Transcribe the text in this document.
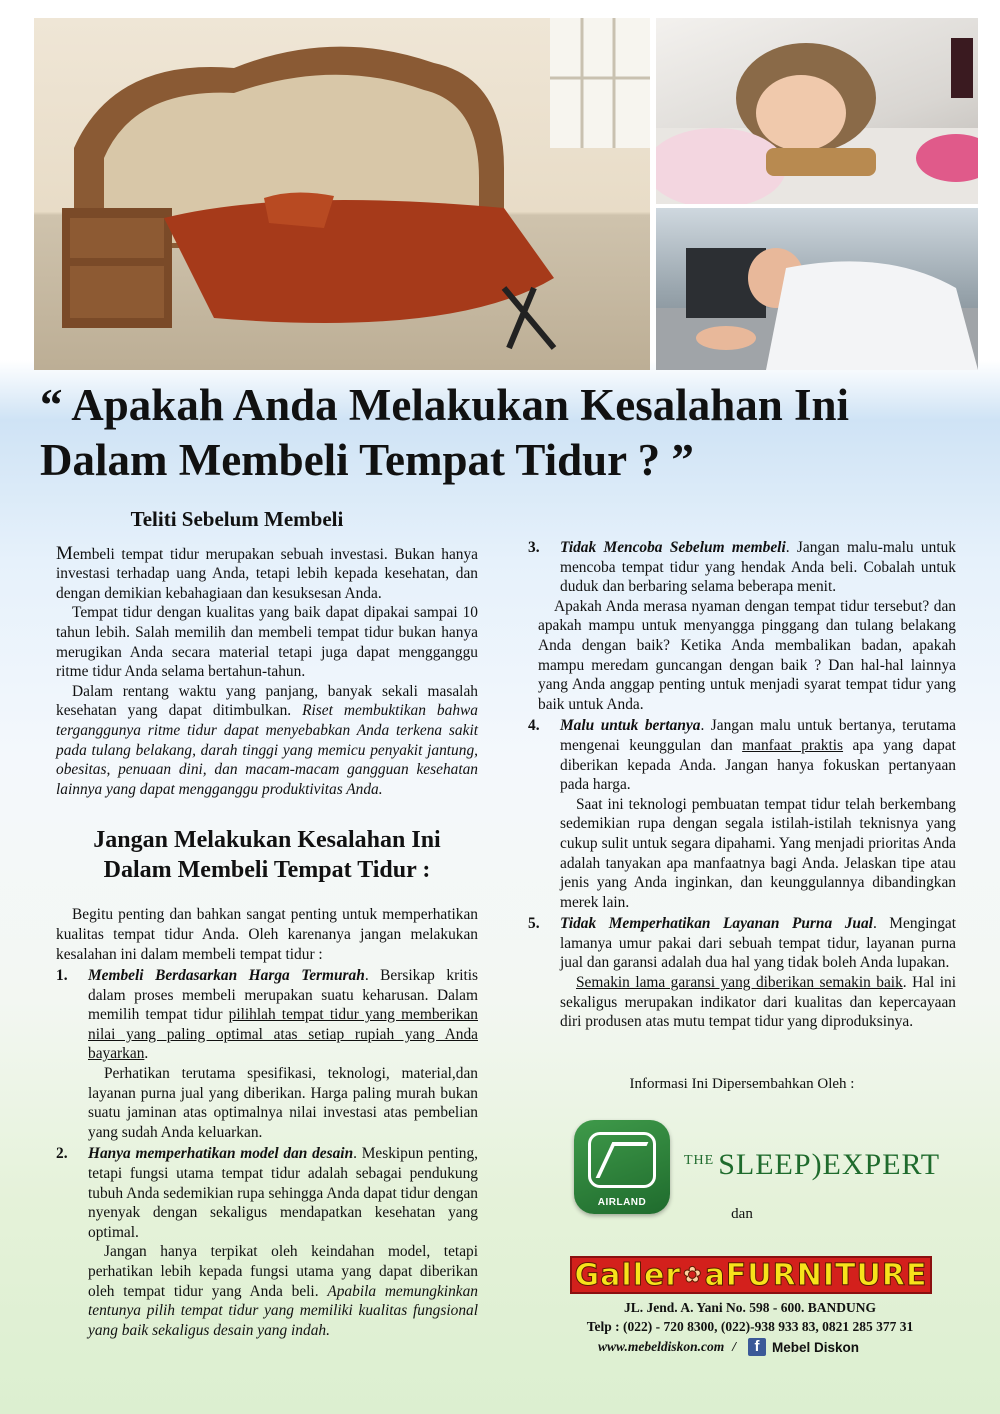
“ Apakah Anda Melakukan Kesalahan Ini
Dalam Membeli Tempat Tidur ? ”
Teliti Sebelum Membeli

Membeli tempat tidur merupakan sebuah investasi. Bukan hanya investasi terhadap uang Anda, tetapi lebih kepada kesehatan, dan dengan demikian kebahagiaan dan kesuksesan Anda.

Tempat tidur dengan kualitas yang baik dapat dipakai sampai 10 tahun lebih. Salah memilih dan membeli tempat tidur bukan hanya merugikan Anda secara material tetapi juga dapat mengganggu ritme tidur Anda selama bertahun-tahun.

Dalam rentang waktu yang panjang, banyak sekali masalah kesehatan yang dapat ditimbulkan. Riset membuktikan bahwa terganggunya ritme tidur dapat menyebabkan Anda terkena sakit pada tulang belakang, darah tinggi yang memicu penyakit jantung, obesitas, penuaan dini, dan macam-macam gangguan kesehatan lainnya yang dapat mengganggu produktivitas Anda.

Jangan Melakukan Kesalahan Ini
Dalam Membeli Tempat Tidur :

Begitu penting dan bahkan sangat penting untuk memperhatikan kualitas tempat tidur Anda. Oleh karenanya jangan melakukan kesalahan ini dalam membeli tempat tidur :

1.	Membeli Berdasarkan Harga Termurah. Bersikap kritis dalam proses membeli merupakan suatu keharusan. Dalam memilih tempat tidur pilihlah tempat tidur yang memberikan nilai yang paling optimal atas setiap rupiah yang Anda bayarkan.

Perhatikan terutama spesifikasi, teknologi, material,dan layanan purna jual yang diberikan. Harga paling murah bukan suatu jaminan atas optimalnya nilai investasi atas pembelian yang sudah Anda keluarkan.

2.	Hanya memperhatikan model dan desain. Meskipun penting, tetapi fungsi utama tempat tidur adalah sebagai pendukung tubuh Anda sedemikian rupa sehingga Anda dapat tidur dengan nyenyak dengan sekaligus mendapatkan kesehatan yang optimal.

Jangan hanya terpikat oleh keindahan model, tetapi perhatikan lebih kepada fungsi utama yang dapat diberikan oleh tempat tidur yang Anda beli. Apabila memungkinkan tentunya pilih tempat tidur yang memiliki kualitas fungsional yang baik sekaligus desain yang indah.

3.	Tidak Mencoba Sebelum membeli. Jangan malu-malu untuk mencoba tempat tidur yang hendak Anda beli. Cobalah untuk duduk dan berbaring selama beberapa menit.

Apakah Anda merasa nyaman dengan tempat tidur tersebut? dan apakah mampu untuk menyangga pinggang dan tulang belakang Anda dengan baik? Ketika Anda membalikan badan, apakah mampu meredam guncangan dengan baik ? Dan hal-hal lainnya yang Anda anggap penting untuk menjadi syarat tempat tidur yang baik untuk Anda.

4.	Malu untuk bertanya. Jangan malu untuk bertanya, terutama mengenai keunggulan dan manfaat praktis apa yang dapat diberikan kepada Anda. Jangan hanya fokuskan pertanyaan pada harga.

Saat ini teknologi pembuatan tempat tidur telah berkembang sedemikian rupa dengan segala istilah-istilah teknisnya yang cukup sulit untuk segara dipahami. Yang menjadi prioritas Anda adalah tanyakan apa manfaatnya bagi Anda. Jelaskan tipe atau jenis yang Anda inginkan, dan keunggulannya dibandingkan merek lain.

5.	Tidak Memperhatikan Layanan Purna Jual. Mengingat lamanya umur pakai dari sebuah tempat tidur, layanan purna jual dan garansi adalah dua hal yang tidak boleh Anda lupakan.

Semakin lama garansi yang diberikan semakin baik. Hal ini sekaligus merupakan indikator dari kualitas dan kepercayaan diri produsen atas mutu tempat tidur yang diproduksinya.

Informasi Ini Dipersembahkan Oleh :
AIRLAND
$^{THE}$ SLEEP)EXPERT
dan
Galler ✿ aFURNITURE
JL. Jend. A. Yani No. 598 - 600. BANDUNG
Telp : (022) - 720 8300, (022)-938 933 83, 0821 285 377 31
www.mebeldiskon.com /	f Mebel Diskon
